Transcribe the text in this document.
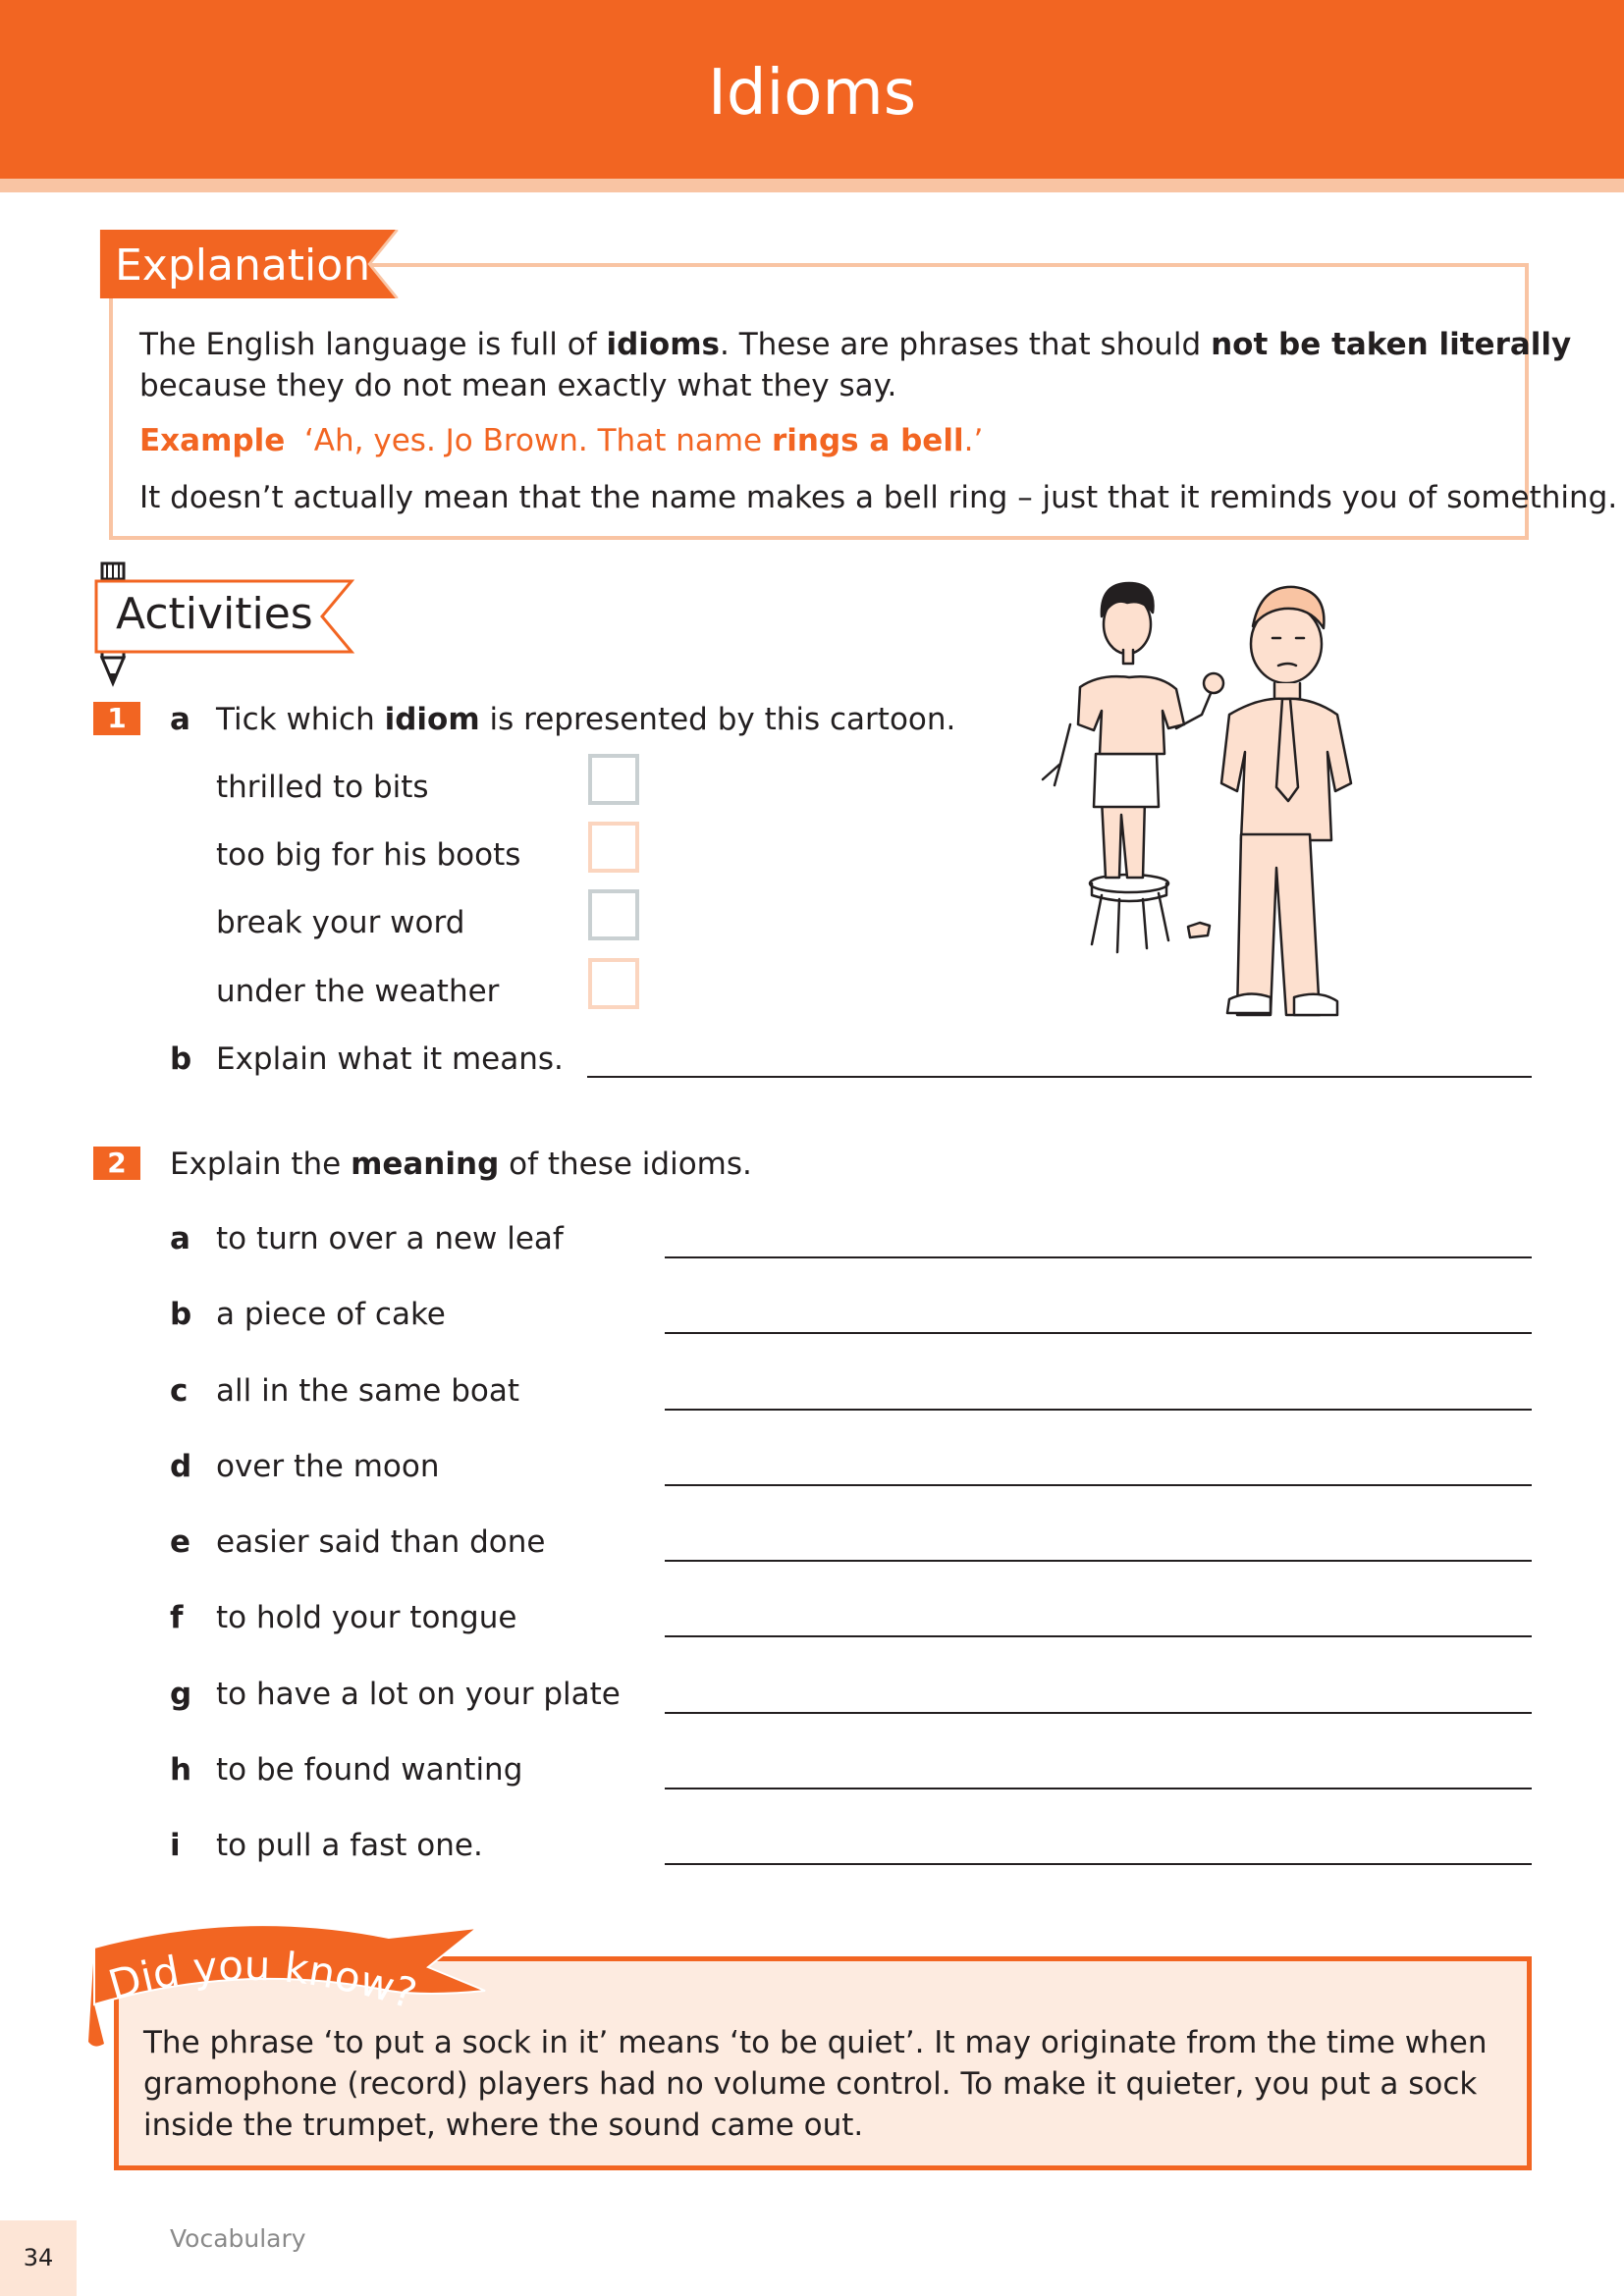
Idioms
Explanation
The English language is full of idioms. These are phrases that should not be taken literally
because they do not mean exactly what they say.
Example ‘Ah, yes. Jo Brown. That name rings a bell.’
It doesn’t actually mean that the name makes a bell ring – just that it reminds you of something.
Activities
1	a Tick which idiom is represented by this cartoon.
thrilled to bits
too big for his boots
break your word
under the weather
b Explain what it means.
2	Explain the meaning of these idioms.
a to turn over a new leaf
b a piece of cake
c all in the same boat
d over the moon
e easier said than done
f to hold your tongue
g to have a lot on your plate
h to be found wanting
i to pull a fast one.
Did you know?
The phrase ‘to put a sock in it’ means ‘to be quiet’. It may originate from the time when gramophone (record) players had no volume control. To make it quieter, you put a sock inside the trumpet, where the sound came out.
34
Vocabulary
